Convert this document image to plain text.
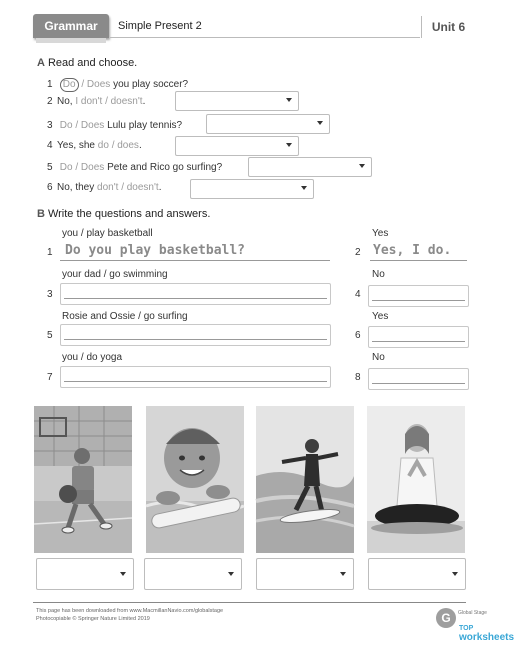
Grammar	Simple Present 2	Unit 6
A Read and choose.
1 Do / Does you play soccer?
2 No, I don't / doesn't.
3 Do / Does Lulu play tennis?
4 Yes, she do / does.
5 Do / Does Pete and Rico go surfing?
6 No, they don't / doesn't.
B Write the questions and answers.
you / play basketball	Yes
1 Do you play basketball?	2 Yes, I do.
your dad / go swimming	No
3	4
Rosie and Ossie / go surfing	Yes
5	6
you / do yoga	No
7	8
This page has been downloaded from www.MacmillanNavio.com/globalstage
Photocopiable © Springer Nature Limited 2019	G	Global Stage
TOP
worksheets
